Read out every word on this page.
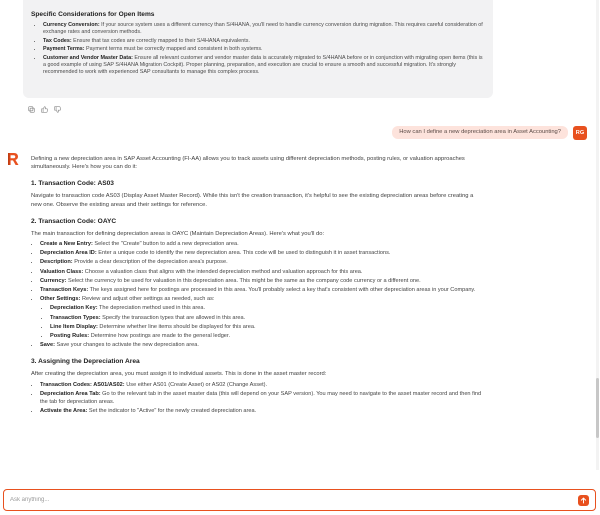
Specific Considerations for Open Items
• Currency Conversion: If your source system uses a different currency than S/4HANA, you'll need to handle currency conversion during migration. This requires careful consideration of exchange rates and conversion methods.
• Tax Codes: Ensure that tax codes are correctly mapped to their S/4HANA equivalents.
• Payment Terms: Payment terms must be correctly mapped and consistent in both systems.
• Customer and Vendor Master Data: Ensure all relevant customer and vendor master data is accurately migrated to S/4HANA before or in conjunction with migrating open items (this is a good example of using SAP S/4HANA Migration Cockpit). Proper planning, preparation, and execution are crucial to ensure a smooth and successful migration. It's strongly recommended to work with experienced SAP consultants to manage this complex process.
How can I define a new depreciation area in Asset Accounting?	RG

Defining a new depreciation area in SAP Asset Accounting (FI-AA) allows you to track assets using different depreciation methods, posting rules, or valuation approaches simultaneously. Here's how you can do it:

1. Transaction Code: AS03

Navigate to transaction code AS03 (Display Asset Master Record). While this isn't the creation transaction, it's helpful to see the existing depreciation areas before creating a new one. Observe the existing areas and their settings for reference.

2. Transaction Code: OAYC

The main transaction for defining depreciation areas is OAYC (Maintain Depreciation Areas). Here's what you'll do:

• Create a New Entry: Select the "Create" button to add a new depreciation area.
• Depreciation Area ID: Enter a unique code to identify the new depreciation area. This code will be used to distinguish it in asset transactions.
• Description: Provide a clear description of the depreciation area's purpose.
• Valuation Class: Choose a valuation class that aligns with the intended depreciation method and valuation approach for this area.
• Currency: Select the currency to be used for valuation in this depreciation area. This might be the same as the company code currency or a different one.
• Transaction Keys: The keys assigned here for postings are processed in this area. You'll probably select a key that's consistent with other depreciation areas in your Company.
• Other Settings: Review and adjust other settings as needed, such as:
• Depreciation Key: The depreciation method used in this area.
• Transaction Types: Specify the transaction types that are allowed in this area.
• Line Item Display: Determine whether line items should be displayed for this area.
• Posting Rules: Determine how postings are made to the general ledger.
• Save: Save your changes to activate the new depreciation area.
3. Assigning the Depreciation Area

After creating the depreciation area, you must assign it to individual assets. This is done in the asset master record:

• Transaction Codes: AS01/AS02: Use either AS01 (Create Asset) or AS02 (Change Asset).
• Depreciation Area Tab: Go to the relevant tab in the asset master data (this will depend on your SAP version). You may need to navigate to the asset master record and then find the tab for depreciation areas.
• Activate the Area: Set the indicator to "Active" for the newly created depreciation area.
Ask anything...
